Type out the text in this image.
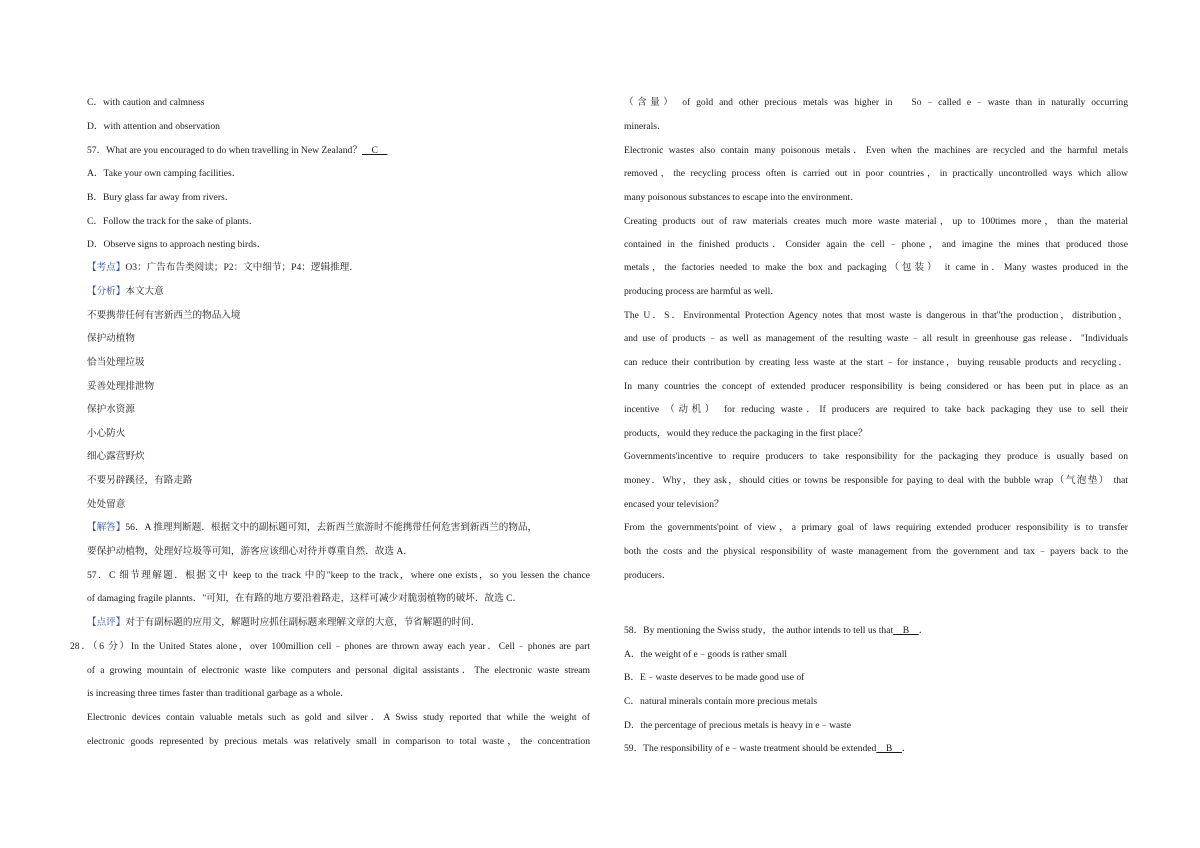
C．with caution and calmness
D．with attention and observation
57．What are you encouraged to do when travelling in New Zealand？　C　
A．Take your own camping facilities．
B．Bury glass far away from rivers．
C．Follow the track for the sake of plants．
D．Observe signs to approach nesting birds．
【考点】O3：广告布告类阅读；P2：文中细节；P4：逻辑推理．
【分析】本文大意
不要携带任何有害新西兰的物品入境
保护动植物
恰当处理垃圾
妥善处理排泄物
保护水资源
小心防火
细心露营野炊
不要另辟蹊径，有路走路
处处留意
【解答】56．A 推理判断题．根据文中的副标题可知，去新西兰旅游时不能携带任何危害到新西兰的物品，
要保护动植物，处理好垃圾等可知，游客应该细心对待并尊重自然．故选 A．
57．C 细节理解题．根据文中 keep to the track 中的"keep to the track，where one exists，so you lessen the chance
of damaging fragile plannts．"可知，在有路的地方要沿着路走，这样可减少对脆弱植物的破坏．故选 C．
【点评】对于有副标题的应用文，解题时应抓住副标题来理解文章的大意，节省解题的时间．
28．（6 分）In the United States alone，over 100million cell﹣phones are thrown away each year．Cell﹣phones are part
of a growing mountain of electronic waste like computers and personal digital assistants．The electronic waste stream
is increasing three times faster than traditional garbage as a whole．
Electronic devices contain valuable metals such as gold and silver．A Swiss study reported that while the weight of
electronic goods represented by precious metals was relatively small in comparison to total waste，the concentration
（含量） of gold and other precious metals was higher in 　So﹣called e﹣waste than in naturally occurring
minerals．
Electronic wastes also contain many poisonous metals．Even when the machines are recycled and the harmful metals
removed，the recycling process often is carried out in poor countries，in practically uncontrolled ways which allow
many poisonous substances to escape into the environment．
Creating products out of raw materials creates much more waste material，up to 100times more，than the material
contained in the finished products．Consider again the cell﹣phone，and imagine the mines that produced those
metals，the factories needed to make the box and packaging（包装） it came in．Many wastes produced in the
producing process are harmful as well．
The U．S．Environmental Protection Agency notes that most waste is dangerous in that"the production，distribution，
and use of products﹣as well as management of the resulting waste﹣all result in greenhouse gas release．"Individuals
can reduce their contribution by creating less waste at the start﹣for instance，buying reusable products and recycling．
In many countries the concept of extended producer responsibility is being considered or has been put in place as an
incentive （动机） for reducing waste．If producers are required to take back packaging they use to sell their
products，would they reduce the packaging in the first place？
Governments'incentive to require producers to take responsibility for the packaging they produce is usually based on
money．Why，they ask，should cities or towns be responsible for paying to deal with the bubble wrap（气泡垫） that
encased your television？
From the governments'point of view，a primary goal of laws requiring extended producer responsibility is to transfer
both the costs and the physical responsibility of waste management from the government and tax﹣payers back to the
producers．
58．By mentioning the Swiss study，the author intends to tell us that　B　．
A．the weight of e﹣goods is rather small
B．E﹣waste deserves to be made good use of
C．natural minerals contain more precious metals
D．the percentage of precious metals is heavy in e﹣waste
59．The responsibility of e﹣waste treatment should be extended　B　．
